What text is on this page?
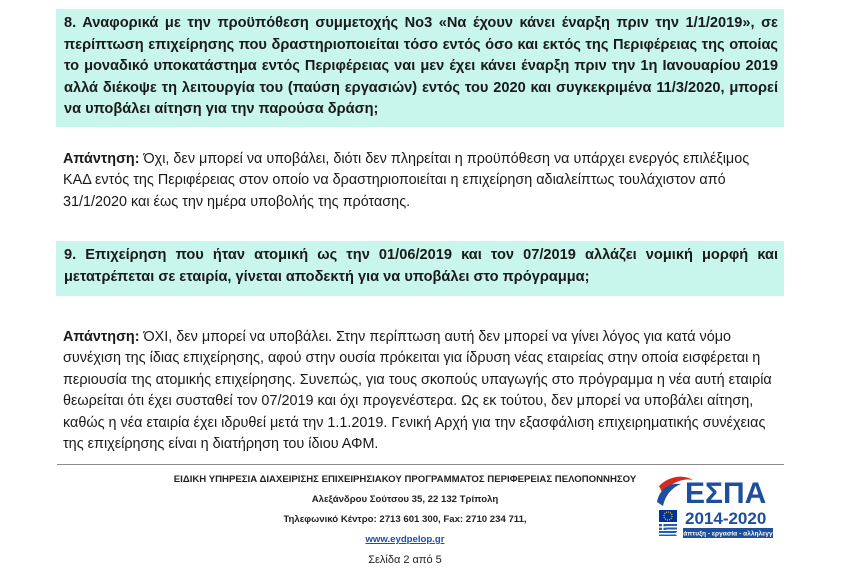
8. Αναφορικά με την προϋπόθεση συμμετοχής Νο3 «Να έχουν κάνει έναρξη πριν την 1/1/2019», σε περίπτωση επιχείρησης που δραστηριοποιείται τόσο εντός όσο και εκτός της Περιφέρειας της οποίας το μοναδικό υποκατάστημα εντός Περιφέρειας ναι μεν έχει κάνει έναρξη πριν την 1η Ιανουαρίου 2019 αλλά διέκοψε τη λειτουργία του (παύση εργασιών) εντός του 2020 και συγκεκριμένα 11/3/2020, μπορεί να υποβάλει αίτηση για την παρούσα δράση;
Απάντηση: Όχι, δεν μπορεί να υποβάλει, διότι δεν πληρείται η προϋπόθεση να υπάρχει ενεργός επιλέξιμος ΚΑΔ εντός της Περιφέρειας στον οποίο να δραστηριοποιείται η επιχείρηση αδιαλείπτως τουλάχιστον από 31/1/2020 και έως την ημέρα υποβολής της πρότασης.
9. Επιχείρηση που ήταν ατομική ως την 01/06/2019 και τον 07/2019 αλλάζει νομική μορφή και μετατρέπεται σε εταιρία, γίνεται αποδεκτή για να υποβάλει στο πρόγραμμα;
Απάντηση: ΌΧΙ, δεν μπορεί να υποβάλει. Στην περίπτωση αυτή δεν μπορεί να γίνει λόγος για κατά νόμο συνέχιση της ίδιας επιχείρησης, αφού στην ουσία πρόκειται για ίδρυση νέας εταιρείας στην οποία εισφέρεται η περιουσία της ατομικής επιχείρησης. Συνεπώς, για τους σκοπούς υπαγωγής στο πρόγραμμα η νέα αυτή εταιρία θεωρείται ότι έχει συσταθεί τον 07/2019 και όχι προγενέστερα. Ως εκ τούτου, δεν μπορεί να υποβάλει αίτηση, καθώς η νέα εταιρία έχει ιδρυθεί μετά την 1.1.2019. Γενική Αρχή για την εξασφάλιση επιχειρηματικής συνέχειας της επιχείρησης είναι η διατήρηση του ίδιου ΑΦΜ.
ΕΙΔΙΚΗ ΥΠΗΡΕΣΙΑ ΔΙΑΧΕΙΡΙΣΗΣ ΕΠΙΧΕΙΡΗΣΙΑΚΟΥ ΠΡΟΓΡΑΜΜΑΤΟΣ ΠΕΡΙΦΕΡΕΙΑΣ ΠΕΛΟΠΟΝΝΗΣΟΥ
Αλεξάνδρου Σούτσου 35, 22 132 Τρίπολη
Τηλεφωνικό Κέντρο: 2713 601 300, Fax: 2710 234 711,
www.eydpelop.gr
Σελίδα 2 από 5
ΕΣΠΑ
2014-2020
ανάπτυξη - εργασία - αλληλεγγύη
